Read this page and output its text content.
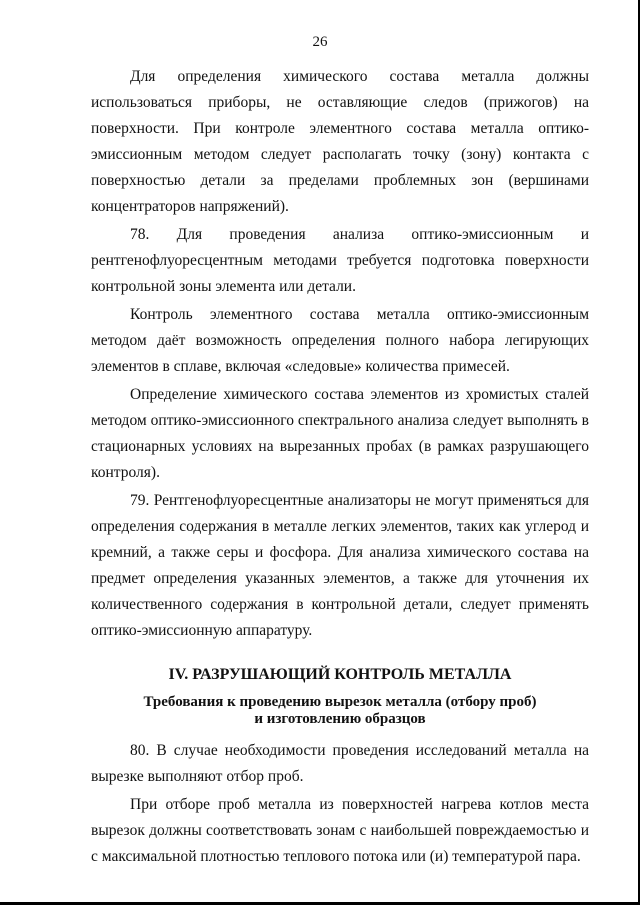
26

Для определения химического состава металла должны использоваться приборы, не оставляющие следов (прижогов) на поверхности. При контроле элементного состава металла оптико-эмиссионным методом следует располагать точку (зону) контакта с поверхностью детали за пределами проблемных зон (вершинами концентраторов напряжений).

78. Для проведения анализа оптико-эмиссионным и рентгенофлуоресцентным методами требуется подготовка поверхности контрольной зоны элемента или детали.

Контроль элементного состава металла оптико-эмиссионным методом даёт возможность определения полного набора легирующих элементов в сплаве, включая «следовые» количества примесей.

Определение химического состава элементов из хромистых сталей методом оптико-эмиссионного спектрального анализа следует выполнять в стационарных условиях на вырезанных пробах (в рамках разрушающего контроля).

79. Рентгенофлуоресцентные анализаторы не могут применяться для определения содержания в металле легких элементов, таких как углерод и кремний, а также серы и фосфора. Для анализа химического состава на предмет определения указанных элементов, а также для уточнения их количественного содержания в контрольной детали, следует применять оптико-эмиссионную аппаратуру.

IV. РАЗРУШАЮЩИЙ КОНТРОЛЬ МЕТАЛЛА
Требования к проведению вырезок металла (отбору проб)
и изготовлению образцов

80. В случае необходимости проведения исследований металла на вырезке выполняют отбор проб.

При отборе проб металла из поверхностей нагрева котлов места вырезок должны соответствовать зонам с наибольшей повреждаемостью и с максимальной плотностью теплового потока или (и) температурой пара.
